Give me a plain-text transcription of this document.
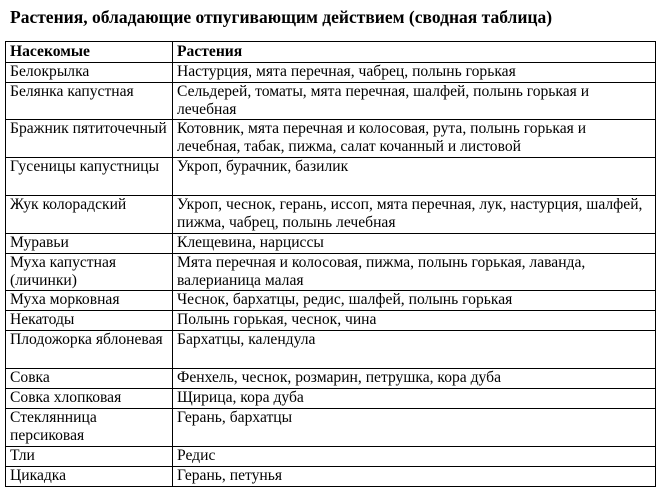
Растения, обладающие отпугивающим действием (сводная таблица)
Насекомые	Растения
Белокрылка	Настурция, мята перечная, чабрец, полынь горькая
Белянка капустная	Сельдерей, томаты, мята перечная, шалфей, полынь горькая и лечебная
Бражник пятиточечный	Котовник, мята перечная и колосовая, рута, полынь горькая и лечебная, табак, пижма, салат кочанный и листовой
Гусеницы капустницы	Укроп, бурачник, базилик
Жук колорадский	Укроп, чеснок, герань, иссоп, мята перечная, лук, настурция, шалфей, пижма, чабрец, полынь лечебная
Муравьи	Клещевина, нарциссы
Муха капустная (личинки)	Мята перечная и колосовая, пижма, полынь горькая, лаванда, валерианица малая
Муха морковная	Чеснок, бархатцы, редис, шалфей, полынь горькая
Некатоды	Полынь горькая, чеснок, чина
Плодожорка яблоневая	Бархатцы, календула
Совка	Фенхель, чеснок, розмарин, петрушка, кора дуба
Совка хлопковая	Щирица, кора дуба
Стеклянница персиковая	Герань, бархатцы
Тли	Редис
Цикадка	Герань, петунья
